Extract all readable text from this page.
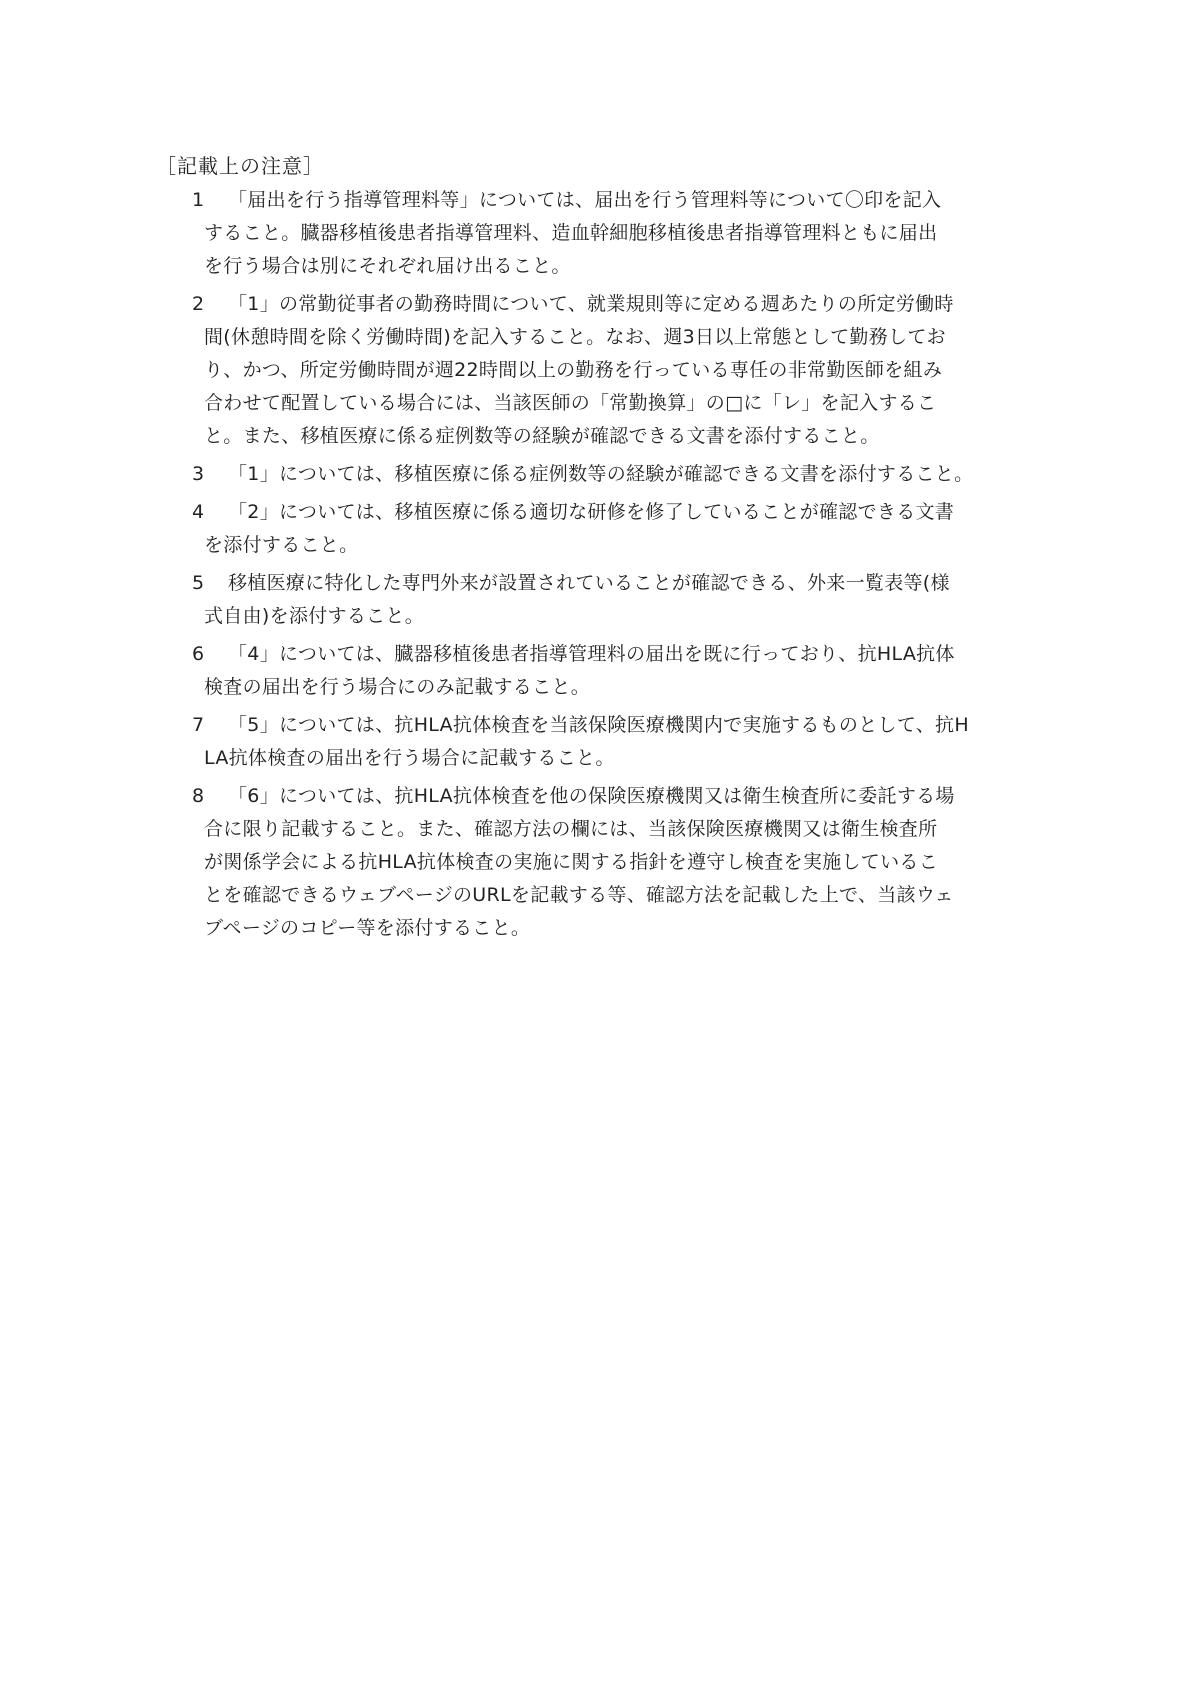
［記載上の注意］
1	「届出を行う指導管理料等」については、届出を行う管理料等について〇印を記入
すること。臓器移植後患者指導管理料、造血幹細胞移植後患者指導管理料ともに届出
を行う場合は別にそれぞれ届け出ること。
2	「1」の常勤従事者の勤務時間について、就業規則等に定める週あたりの所定労働時
間(休憩時間を除く労働時間)を記入すること。なお、週3日以上常態として勤務してお
り、かつ、所定労働時間が週22時間以上の勤務を行っている専任の非常勤医師を組み
合わせて配置している場合には、当該医師の「常勤換算」の□に「レ」を記入するこ
と。また、移植医療に係る症例数等の経験が確認できる文書を添付すること。
3	「1」については、移植医療に係る症例数等の経験が確認できる文書を添付すること。
4	「2」については、移植医療に係る適切な研修を修了していることが確認できる文書
を添付すること。
5	移植医療に特化した専門外来が設置されていることが確認できる、外来一覧表等(様
式自由)を添付すること。
6	「4」については、臓器移植後患者指導管理料の届出を既に行っており、抗HLA抗体
検査の届出を行う場合にのみ記載すること。
7	「5」については、抗HLA抗体検査を当該保険医療機関内で実施するものとして、抗H
LA抗体検査の届出を行う場合に記載すること。
8	「6」については、抗HLA抗体検査を他の保険医療機関又は衛生検査所に委託する場
合に限り記載すること。また、確認方法の欄には、当該保険医療機関又は衛生検査所
が関係学会による抗HLA抗体検査の実施に関する指針を遵守し検査を実施しているこ
とを確認できるウェブページのURLを記載する等、確認方法を記載した上で、当該ウェ
ブページのコピー等を添付すること。
